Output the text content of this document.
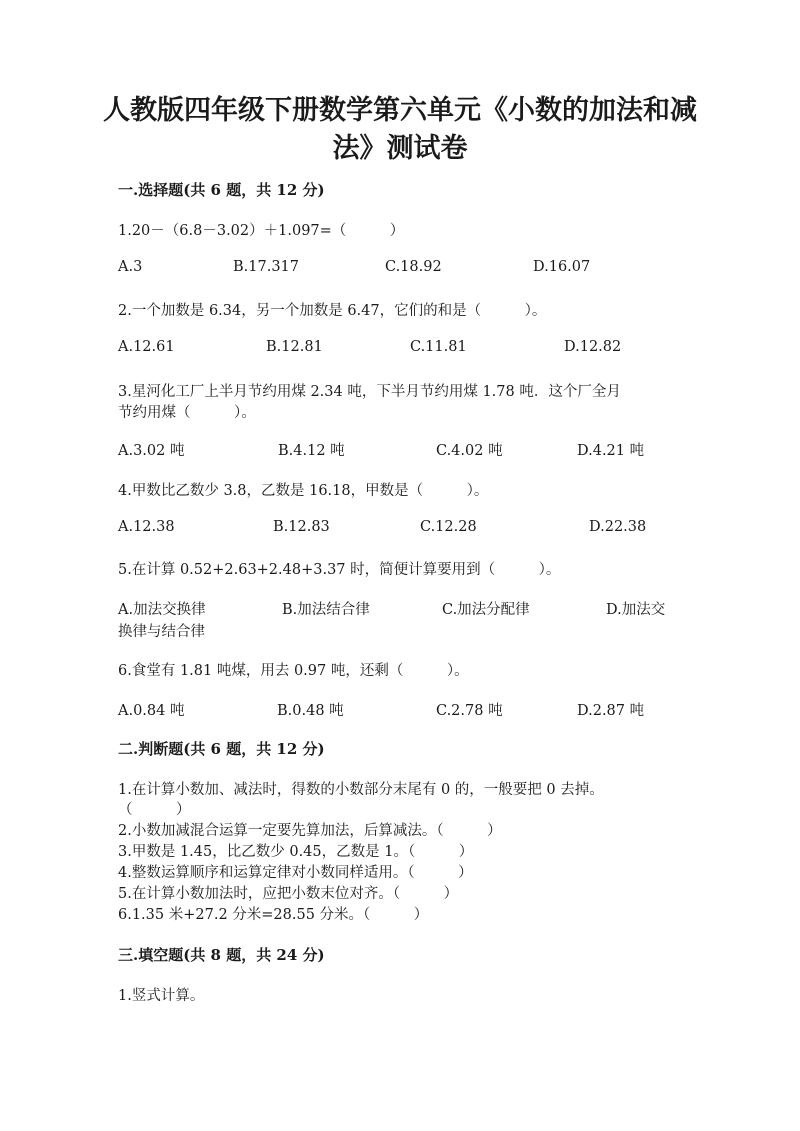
人教版四年级下册数学第六单元《小数的加法和减
法》测试卷
一.选择题(共 6 题，共 12 分)
1.20－（6.8－3.02）＋1.097=（　　　）
A.3	B.17.317	C.18.92	D.16.07
2.一个加数是 6.34，另一个加数是 6.47，它们的和是（　　　）。
A.12.61	B.12.81	C.11.81	D.12.82
3.星河化工厂上半月节约用煤 2.34 吨，下半月节约用煤 1.78 吨．这个厂全月
节约用煤（　　　）。
A.3.02 吨	B.4.12 吨	C.4.02 吨	D.4.21 吨
4.甲数比乙数少 3.8，乙数是 16.18，甲数是（　　　）。
A.12.38	B.12.83	C.12.28	D.22.38
5.在计算 0.52+2.63+2.48+3.37 时，简便计算要用到（　　　）。
A.加法交换律	B.加法结合律	C.加法分配律	D.加法交
换律与结合律
6.食堂有 1.81 吨煤，用去 0.97 吨，还剩（　　　）。
A.0.84 吨	B.0.48 吨	C.2.78 吨	D.2.87 吨
二.判断题(共 6 题，共 12 分)
1.在计算小数加、减法时，得数的小数部分末尾有 0 的，一般要把 0 去掉。
（　　　）
2.小数加减混合运算一定要先算加法，后算减法。（　　　）
3.甲数是 1.45，比乙数少 0.45，乙数是 1。（　　　）
4.整数运算顺序和运算定律对小数同样适用。（　　　）
5.在计算小数加法时，应把小数末位对齐。（　　　）
6.1.35 米+27.2 分米=28.55 分米。（　　　）
三.填空题(共 8 题，共 24 分)
1.竖式计算。
